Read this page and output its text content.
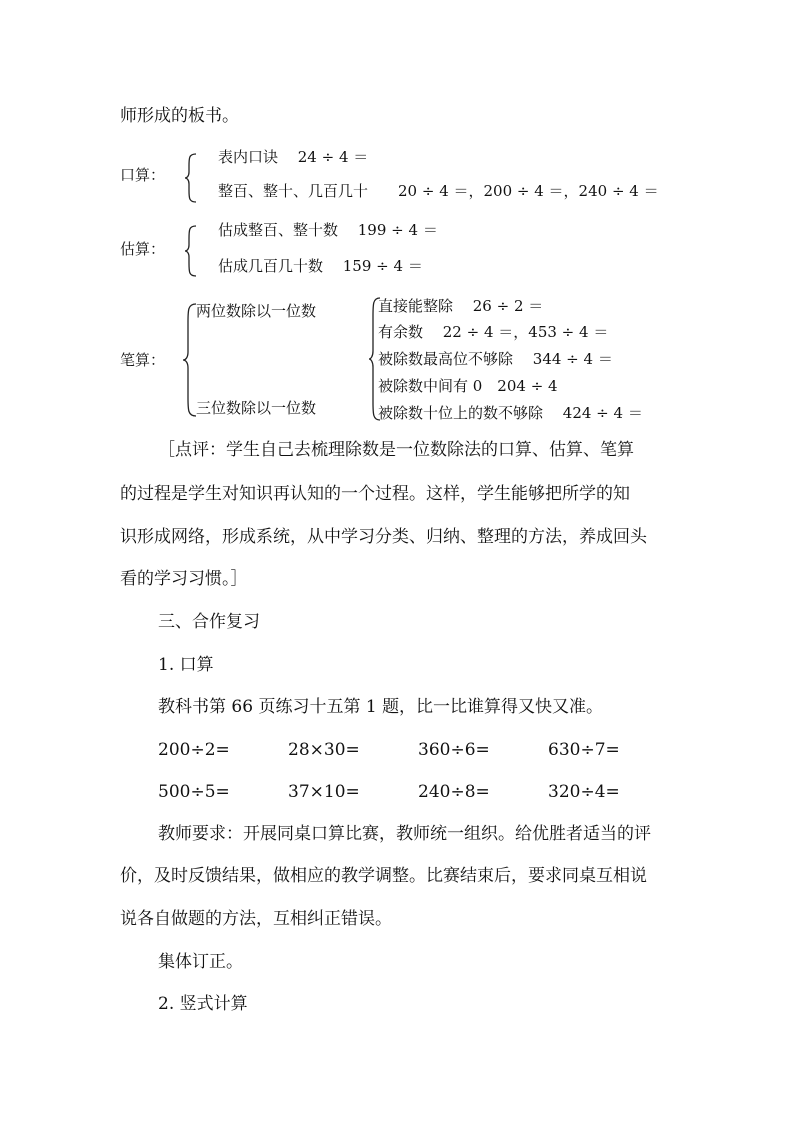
师形成的板书。
口算：
表内口诀　 24 ÷ 4 ＝
整百、整十、几百几十　　20 ÷ 4 ＝，200 ÷ 4 ＝，240 ÷ 4 ＝
估算：
估成整百、整十数　 199 ÷ 4 ＝
估成几百几十数　 159 ÷ 4 ＝
笔算：
两位数除以一位数
三位数除以一位数
直接能整除　 26 ÷ 2 ＝
有余数　 22 ÷ 4 ＝，453 ÷ 4 ＝
被除数最高位不够除　 344 ÷ 4 ＝
被除数中间有 0　204 ÷ 4
被除数十位上的数不够除　 424 ÷ 4 ＝
［点评：学生自己去梳理除数是一位数除法的口算、估算、笔算
的过程是学生对知识再认知的一个过程。这样，学生能够把所学的知
识形成网络，形成系统，从中学习分类、归纳、整理的方法，养成回头
看的学习习惯。］
三、合作复习
1. 口算
教科书第 66 页练习十五第 1 题，比一比谁算得又快又准。
200÷2=	28×30=	360÷6=	630÷7=
500÷5=	37×10=	240÷8=	320÷4=
教师要求：开展同桌口算比赛，教师统一组织。给优胜者适当的评
价，及时反馈结果，做相应的教学调整。比赛结束后，要求同桌互相说
说各自做题的方法，互相纠正错误。
集体订正。
2. 竖式计算
